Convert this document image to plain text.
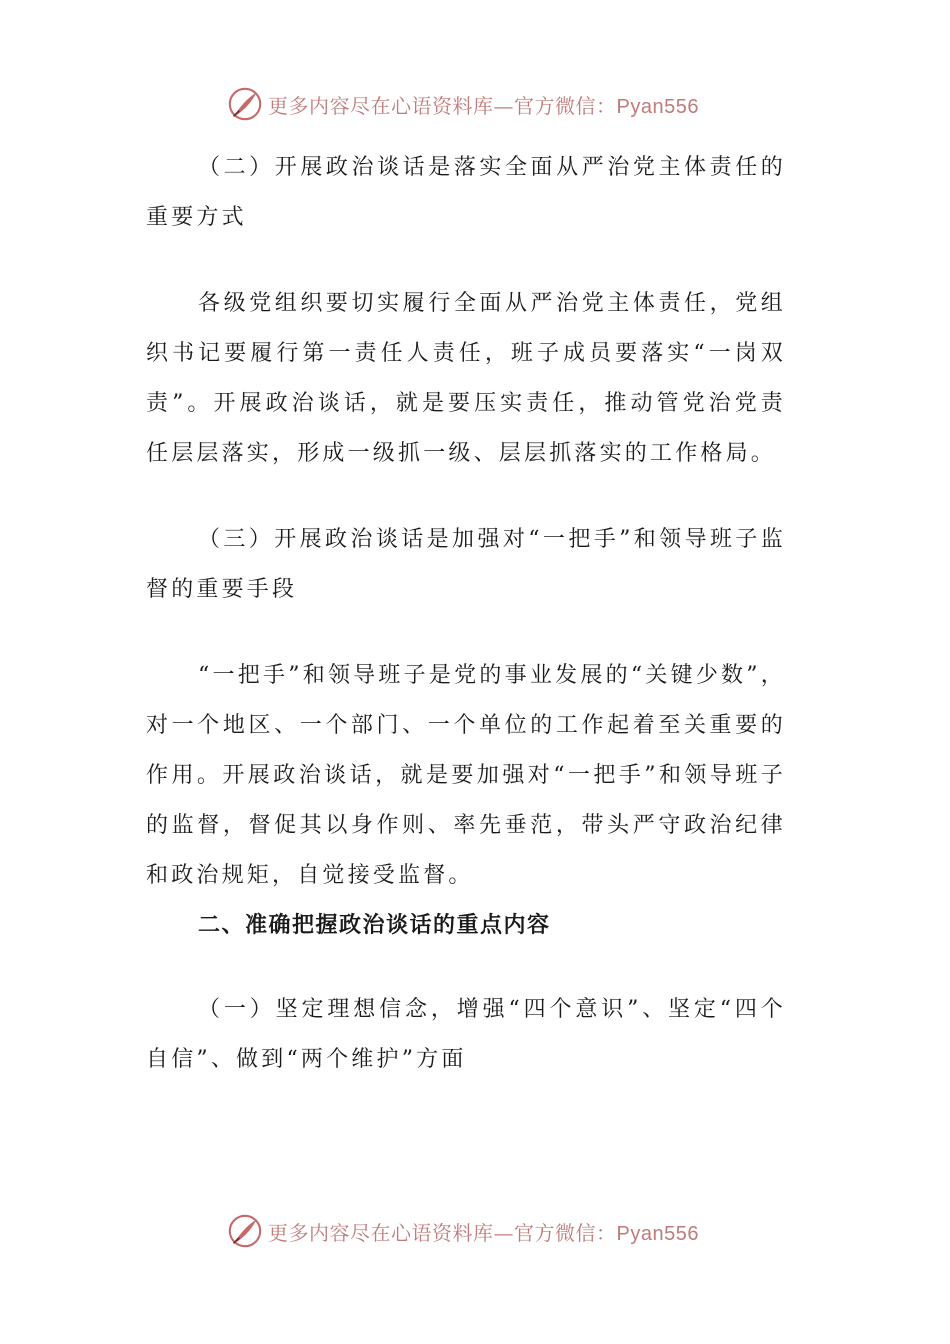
更多内容尽在心语资料库—官方微信：Pyan556

（二）开展政治谈话是落实全面从严治党主体责任的重要方式

各级党组织要切实履行全面从严治党主体责任，党组织书记要履行第一责任人责任，班子成员要落实“一岗双责”。开展政治谈话，就是要压实责任，推动管党治党责任层层落实，形成一级抓一级、层层抓落实的工作格局。

（三）开展政治谈话是加强对“一把手”和领导班子监督的重要手段

“一把手”和领导班子是党的事业发展的“关键少数”，对一个地区、一个部门、一个单位的工作起着至关重要的作用。开展政治谈话，就是要加强对“一把手”和领导班子的监督，督促其以身作则、率先垂范，带头严守政治纪律和政治规矩，自觉接受监督。

二、准确把握政治谈话的重点内容

（一）坚定理想信念，增强“四个意识”、坚定“四个自信”、做到“两个维护”方面

更多内容尽在心语资料库—官方微信：Pyan556
